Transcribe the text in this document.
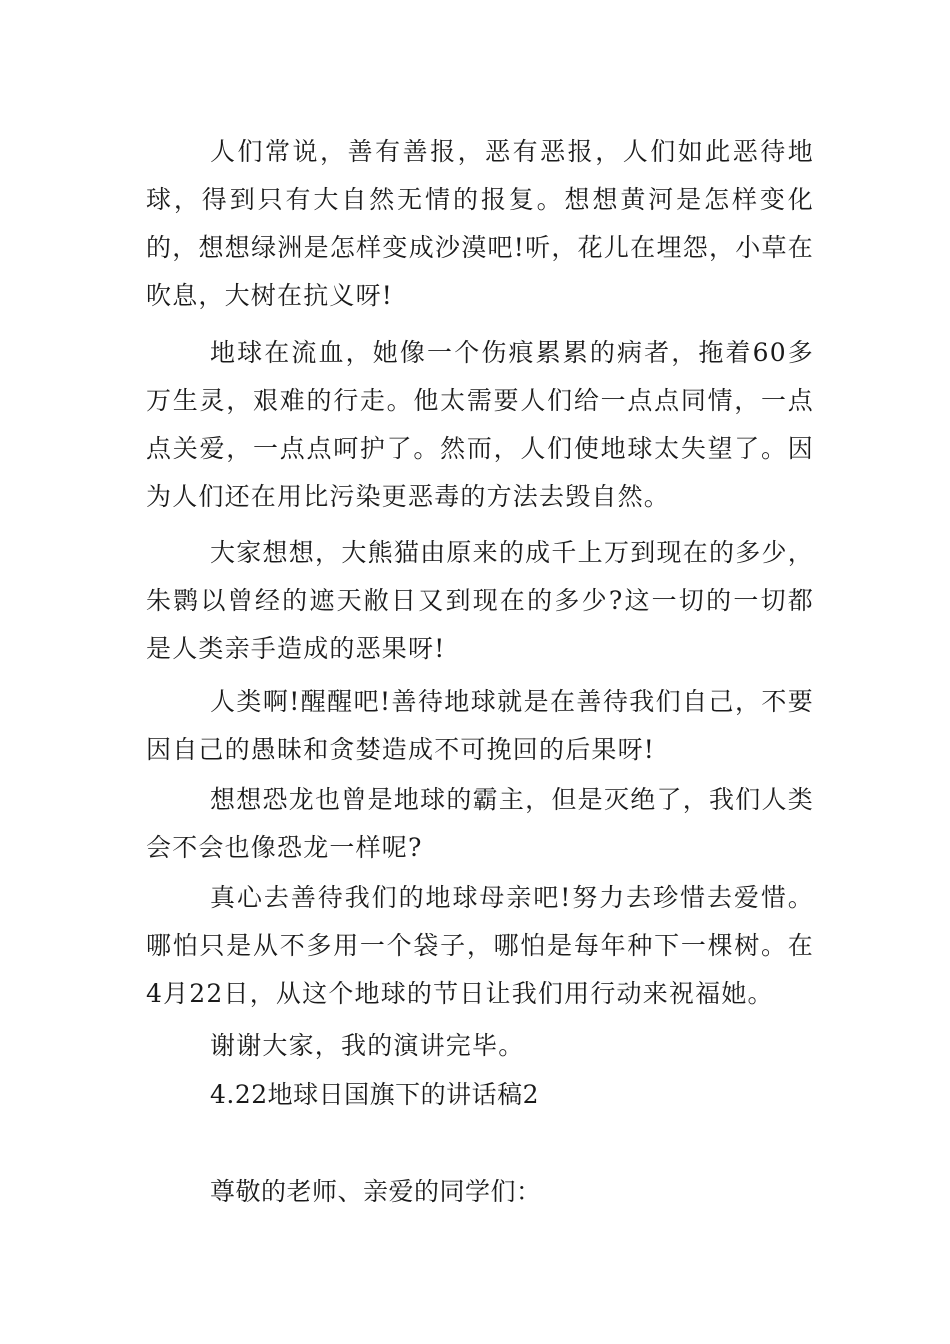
人们常说，善有善报，恶有恶报，人们如此恶待地球，得到只有大自然无情的报复。想想黄河是怎样变化的，想想绿洲是怎样变成沙漠吧!听，花儿在埋怨，小草在吹息，大树在抗义呀!

地球在流血，她像一个伤痕累累的病者，拖着60多万生灵，艰难的行走。他太需要人们给一点点同情，一点点关爱，一点点呵护了。然而，人们使地球太失望了。因为人们还在用比污染更恶毒的方法去毁自然。

大家想想，大熊猫由原来的成千上万到现在的多少，朱鹮以曾经的遮天敝日又到现在的多少?这一切的一切都是人类亲手造成的恶果呀!

人类啊!醒醒吧!善待地球就是在善待我们自己，不要因自己的愚昧和贪婪造成不可挽回的后果呀!

想想恐龙也曾是地球的霸主，但是灭绝了，我们人类会不会也像恐龙一样呢?

真心去善待我们的地球母亲吧!努力去珍惜去爱惜。哪怕只是从不多用一个袋子，哪怕是每年种下一棵树。在4月22日，从这个地球的节日让我们用行动来祝福她。

谢谢大家，我的演讲完毕。

4.22地球日国旗下的讲话稿2

尊敬的老师、亲爱的同学们：
